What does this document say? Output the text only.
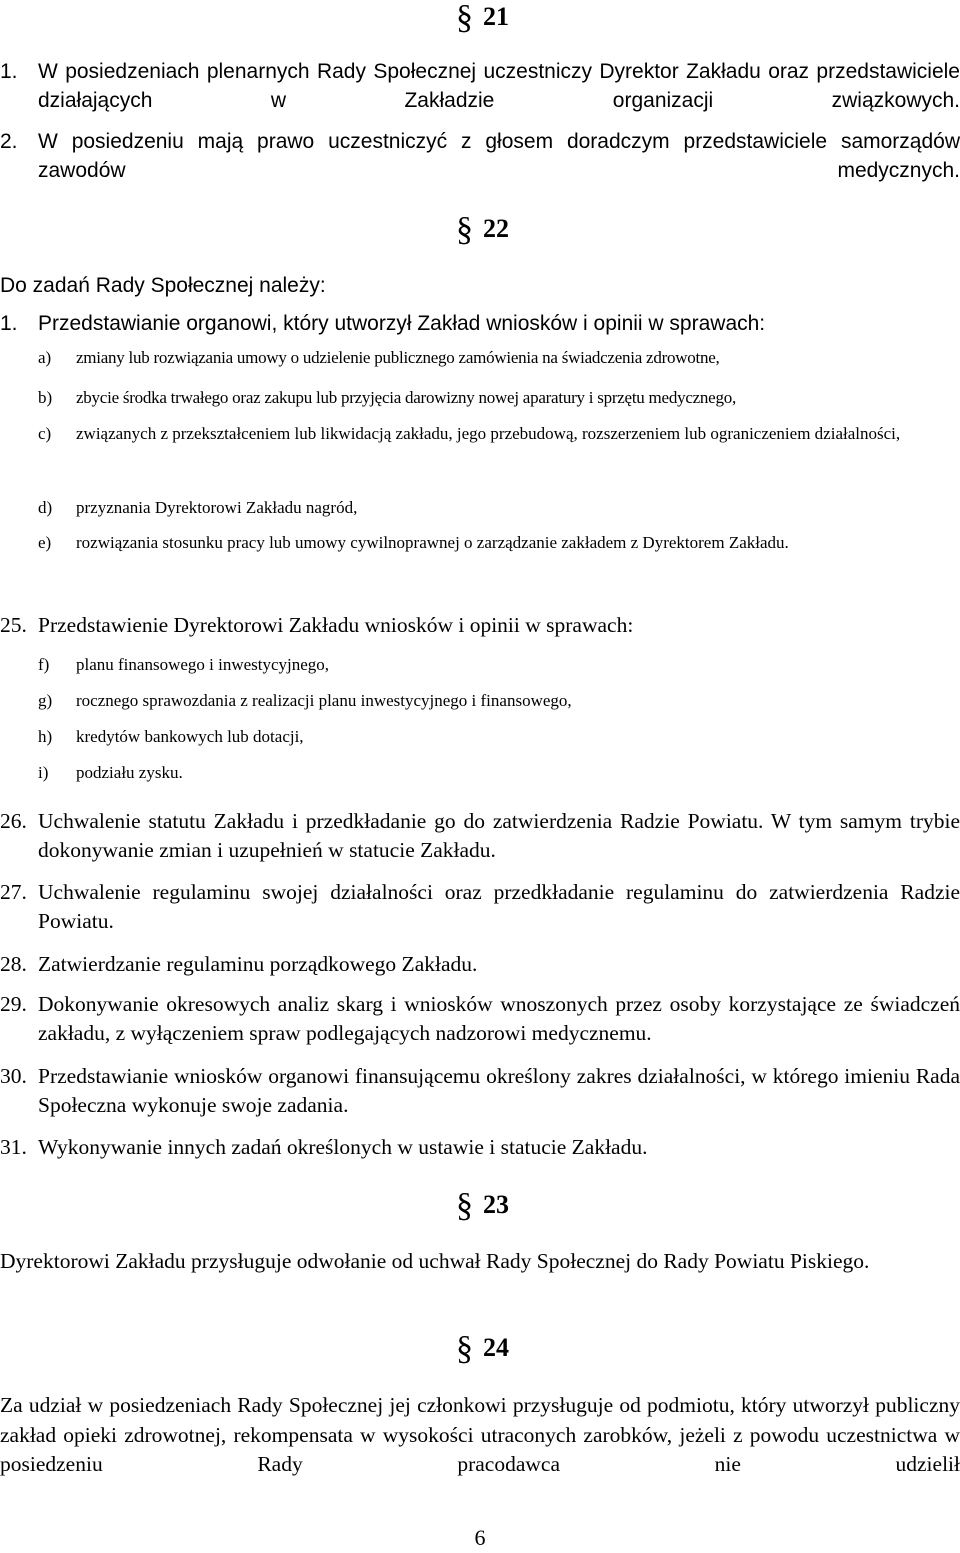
§ 21
1. W posiedzeniach plenarnych Rady Społecznej uczestniczy Dyrektor Zakładu oraz przedstawiciele działających w Zakładzie organizacji związkowych.
2. W posiedzeniu mają prawo uczestniczyć z głosem doradczym przedstawiciele samorządów zawodów medycznych.
§ 22
Do zadań Rady Społecznej należy:
1. Przedstawianie organowi, który utworzył Zakład wniosków i opinii w sprawach:
a) zmiany lub rozwiązania umowy o udzielenie publicznego zamówienia na świadczenia zdrowotne,
b) zbycie środka trwałego oraz zakupu lub przyjęcia darowizny nowej aparatury i sprzętu medycznego,
c) związanych z przekształceniem lub likwidacją zakładu, jego przebudową, rozszerzeniem lub ograniczeniem działalności,
d) przyznania Dyrektorowi Zakładu nagród,
e) rozwiązania stosunku pracy lub umowy cywilnoprawnej o zarządzanie zakładem z Dyrektorem Zakładu.
25. Przedstawienie Dyrektorowi Zakładu wniosków i opinii w sprawach:
f) planu finansowego i inwestycyjnego,
g) rocznego sprawozdania z realizacji planu inwestycyjnego i finansowego,
h) kredytów bankowych lub dotacji,
i) podziału zysku.
26. Uchwalenie statutu Zakładu i przedkładanie go do zatwierdzenia Radzie Powiatu. W tym samym trybie dokonywanie zmian i uzupełnień w statucie Zakładu.
27. Uchwalenie regulaminu swojej działalności oraz przedkładanie regulaminu do zatwierdzenia Radzie Powiatu.
28. Zatwierdzanie regulaminu porządkowego Zakładu.
29. Dokonywanie okresowych analiz skarg i wniosków wnoszonych przez osoby korzystające ze świadczeń zakładu, z wyłączeniem spraw podlegających nadzorowi medycznemu.
30. Przedstawianie wniosków organowi finansującemu określony zakres działalności, w którego imieniu Rada Społeczna wykonuje swoje zadania.
31. Wykonywanie innych zadań określonych w ustawie i statucie Zakładu.
§ 23
Dyrektorowi Zakładu przysługuje odwołanie od uchwał Rady Społecznej do Rady Powiatu Piskiego.
§ 24
Za udział w posiedzeniach Rady Społecznej jej członkowi przysługuje od podmiotu, który utworzył publiczny zakład opieki zdrowotnej, rekompensata w wysokości utraconych zarobków, jeżeli z powodu uczestnictwa w posiedzeniu Rady pracodawca nie udzielił
6
